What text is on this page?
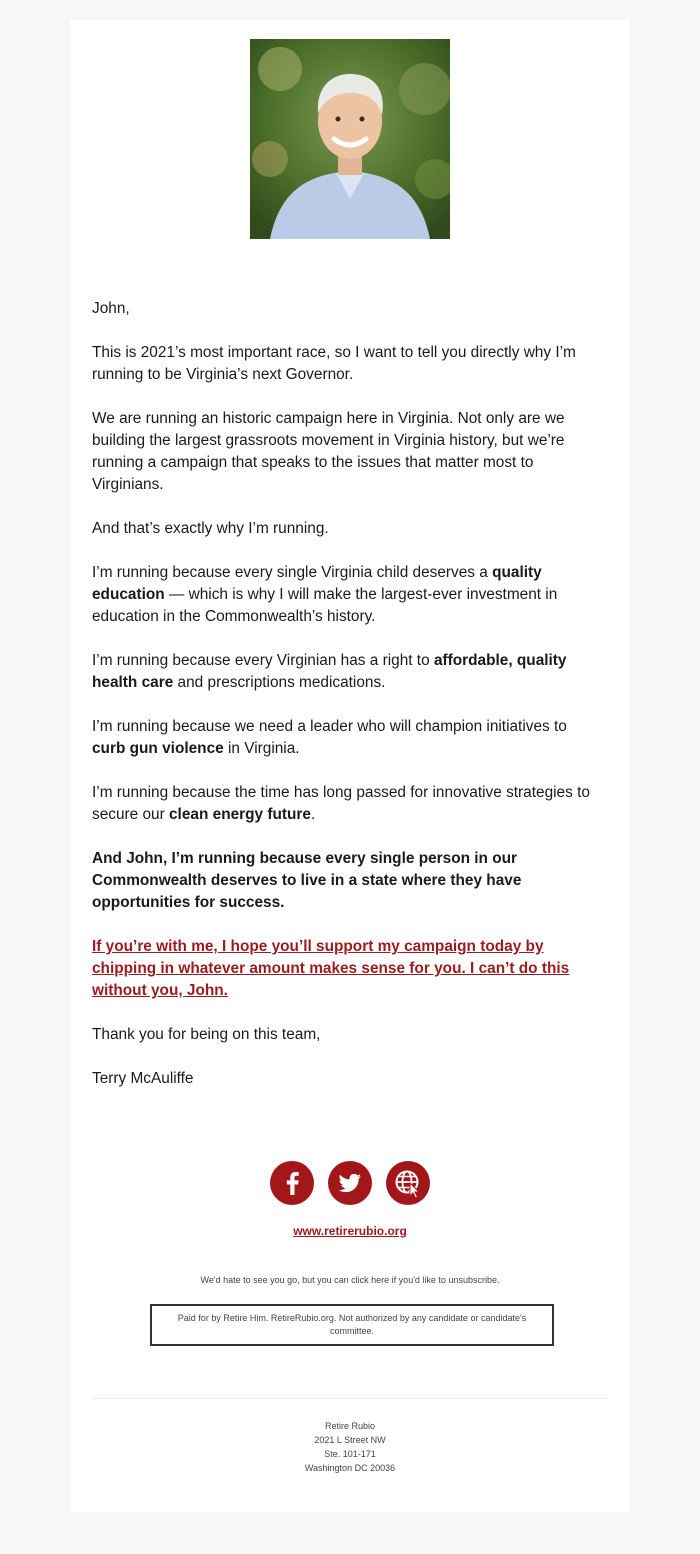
John,

This is 2021’s most important race, so I want to tell you directly why I’m running to be Virginia’s next Governor.

We are running an historic campaign here in Virginia. Not only are we building the largest grassroots movement in Virginia history, but we’re running a campaign that speaks to the issues that matter most to Virginians.

And that’s exactly why I’m running.

I’m running because every single Virginia child deserves a quality education — which is why I will make the largest-ever investment in education in the Commonwealth’s history.

I’m running because every Virginian has a right to affordable, quality health care and prescriptions medications.

I’m running because we need a leader who will champion initiatives to curb gun violence in Virginia.

I’m running because the time has long passed for innovative strategies to secure our clean energy future.

And John, I’m running because every single person in our Commonwealth deserves to live in a state where they have opportunities for success.

If you’re with me, I hope you’ll support my campaign today by chipping in whatever amount makes sense for you. I can’t do this without you, John.

Thank you for being on this team,

Terry McAuliffe

www.retirerubio.org
We'd hate to see you go, but you can click here if you'd like to unsubscribe.
Paid for by Retire Him. RetireRubio.org. Not authorized by any candidate or candidate's committee.
Retire Rubio
2021 L Street NW
Ste. 101-171
Washington DC 20036
